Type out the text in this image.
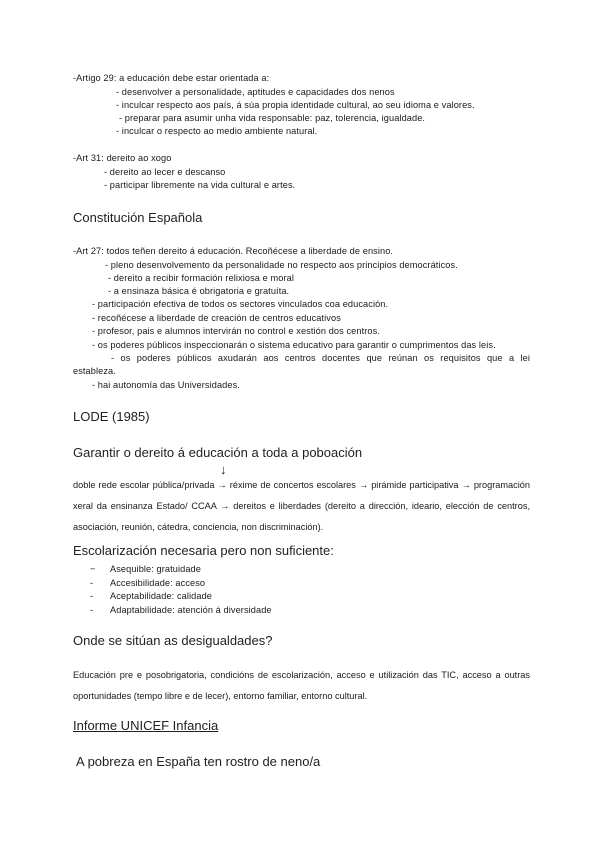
-Artigo 29: a educación debe estar orientada a:
- desenvolver a personalidade, aptitudes e capacidades dos nenos
- inculcar respecto aos país, á súa propia identidade cultural, ao seu idioma e valores.
- preparar para asumir unha vida responsable: paz, tolerencia, igualdade.
- inculcar o respecto ao medio ambiente natural.
-Art 31: dereito ao xogo
- dereito ao lecer e descanso
- participar libremente na vida cultural e artes.
Constitución Española
-Art 27: todos teñen dereito á educación. Recoñécese a liberdade de ensino.
- pleno desenvolvemento da personalidade no respecto aos principios democráticos.
- dereito a recibir formación relixiosa e moral
- a ensinaza básica é obrigatoria e gratuíta.
- participación efectiva de todos os sectores vinculados coa educación.
- recoñécese a liberdade de creación de centros educativos
- profesor, pais e alumnos intervirán no control e xestión dos centros.
- os poderes públicos inspeccionarán o sistema educativo para garantir o cumprimentos das leis.
- os poderes públicos axudarán aos centros docentes que reúnan os requisitos que a lei
estableza.
- hai autonomía das Universidades.
LODE (1985)
Garantir o dereito á educación a toda a poboación
↓
doble rede escolar pública/privada → réxime de concertos escolares → pirámide participativa → programación xeral da ensinanza Estado/ CCAA → dereitos e liberdades (dereito a dirección, ideario, elección de centros, asociación, reunión, cátedra, conciencia, non discriminación).
Escolarización necesaria pero non suficiente:
− Asequible: gratuidade
- Accesibilidade: acceso
- Aceptabilidade: calidade
- Adaptabilidade: atención á diversidade
Onde se sitúan as desigualdades?
Educación pre e posobrigatoria, condicións de escolarización, acceso e utilización das TIC, acceso a outras oportunidades (tempo libre e de lecer), entorno familiar, entorno cultural.
Informe UNICEF Infancia
A pobreza en España ten rostro de neno/a
